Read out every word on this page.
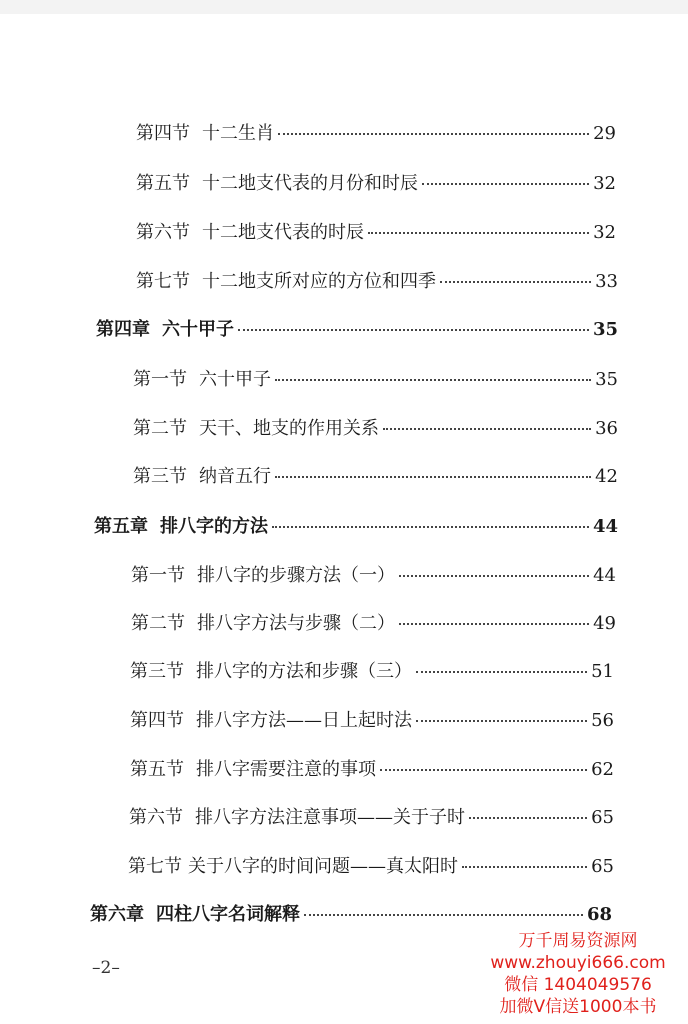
第四节 十二生肖	29
第五节 十二地支代表的月份和时辰	32
第六节 十二地支代表的时辰	32
第七节 十二地支所对应的方位和四季	33
第四章 六十甲子	35
第一节 六十甲子	35
第二节 天干、地支的作用关系	36
第三节 纳音五行	42
第五章 排八字的方法	44
第一节 排八字的步骤方法（一）	44
第二节 排八字方法与步骤（二）	49
第三节 排八字的方法和步骤（三）	51
第四节 排八字方法——日上起时法	56
第五节 排八字需要注意的事项	62
第六节 排八字方法注意事项——关于子时	65
第七节 关于八字的时间问题——真太阳时	65
第六章 四柱八字名词解释	68
–2–
万千周易资源网
www.zhouyi666.com
微信 1404049576
加微V信送1000本书
